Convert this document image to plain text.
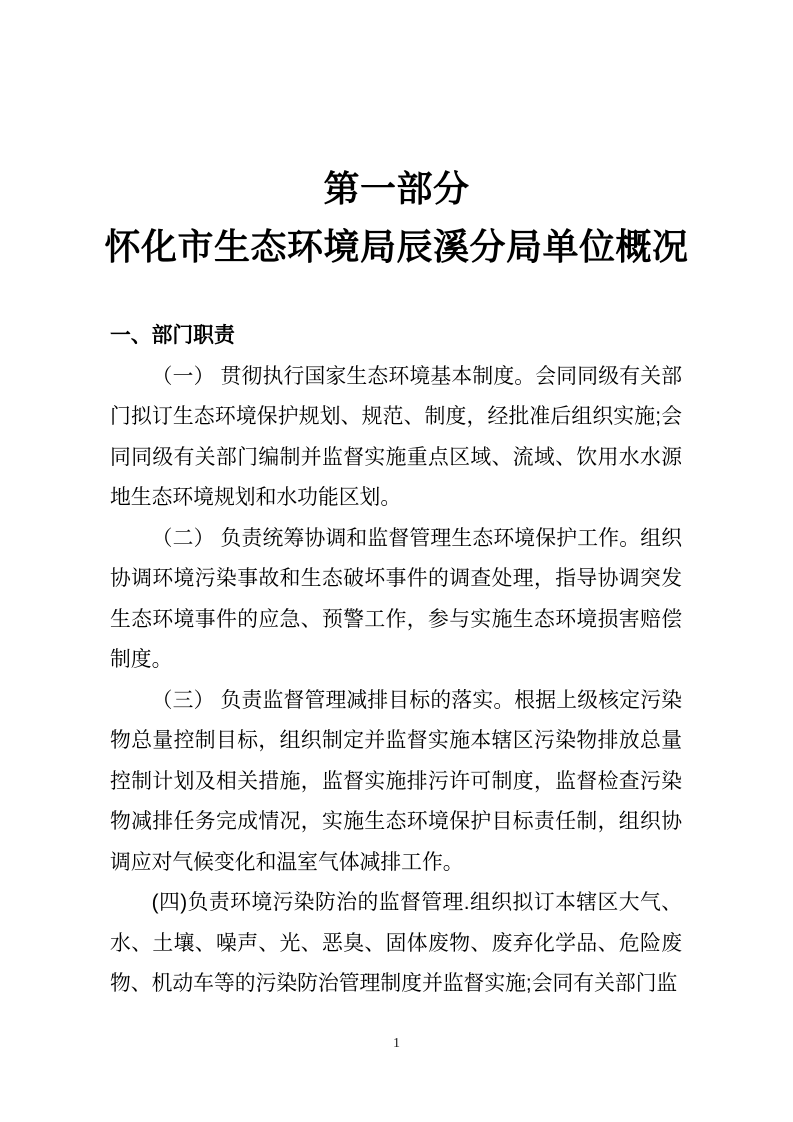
第一部分
怀化市生态环境局辰溪分局单位概况

一、部门职责

（一） 贯彻执行国家生态环境基本制度。会同同级有关部门拟订生态环境保护规划、规范、制度，经批准后组织实施;会同同级有关部门编制并监督实施重点区域、流域、饮用水水源地生态环境规划和水功能区划。

（二） 负责统筹协调和监督管理生态环境保护工作。组织协调环境污染事故和生态破坏事件的调查处理，指导协调突发生态环境事件的应急、预警工作，参与实施生态环境损害赔偿制度。

（三） 负责监督管理减排目标的落实。根据上级核定污染物总量控制目标，组织制定并监督实施本辖区污染物排放总量控制计划及相关措施，监督实施排污许可制度，监督检查污染物减排任务完成情况，实施生态环境保护目标责任制，组织协调应对气候变化和温室气体减排工作。

(四)负责环境污染防治的监督管理.组织拟订本辖区大气、水、土壤、噪声、光、恶臭、固体废物、废弃化学品、危险废物、机动车等的污染防治管理制度并监督实施;会同有关部门监

1
